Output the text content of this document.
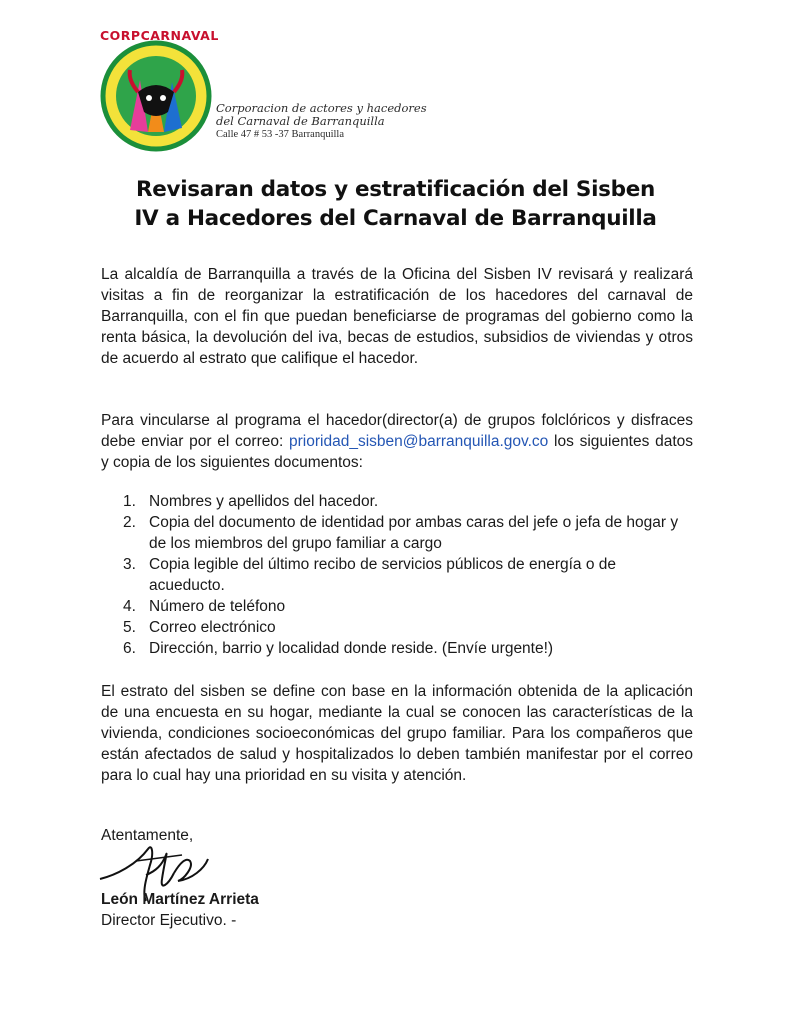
CORPCARNAVAL
Corporacion de actores y hacedores
del Carnaval de Barranquilla
Calle 47 # 53 -37 Barranquilla
Revisaran datos y estratificación del Sisben
IV a Hacedores del Carnaval de Barranquilla

La alcaldía de Barranquilla a través de la Oficina del Sisben IV revisará y realizará visitas a fin de reorganizar la estratificación de los hacedores del carnaval de Barranquilla, con el fin que puedan beneficiarse de programas del gobierno como la renta básica, la devolución del iva, becas de estudios, subsidios de viviendas y otros de acuerdo al estrato que califique el hacedor.

Para vincularse al programa el hacedor(director(a) de grupos folclóricos y disfraces debe enviar por el correo: prioridad_sisben@barranquilla.gov.co los siguientes datos y copia de los siguientes documentos:

1. Nombres y apellidos del hacedor.
2. Copia del documento de identidad por ambas caras del jefe o jefa de hogar y de los miembros del grupo familiar a cargo
3. Copia legible del último recibo de servicios públicos de energía o de acueducto.
4. Número de teléfono
5. Correo electrónico
6. Dirección, barrio y localidad donde reside. (Envíe urgente!)

El estrato del sisben se define con base en la información obtenida de la aplicación de una encuesta en su hogar, mediante la cual se conocen las características de la vivienda, condiciones socioeconómicas del grupo familiar. Para los compañeros que están afectados de salud y hospitalizados lo deben también manifestar por el correo para lo cual hay una prioridad en su visita y atención.

Atentamente,
León Martínez Arrieta
Director Ejecutivo. -
